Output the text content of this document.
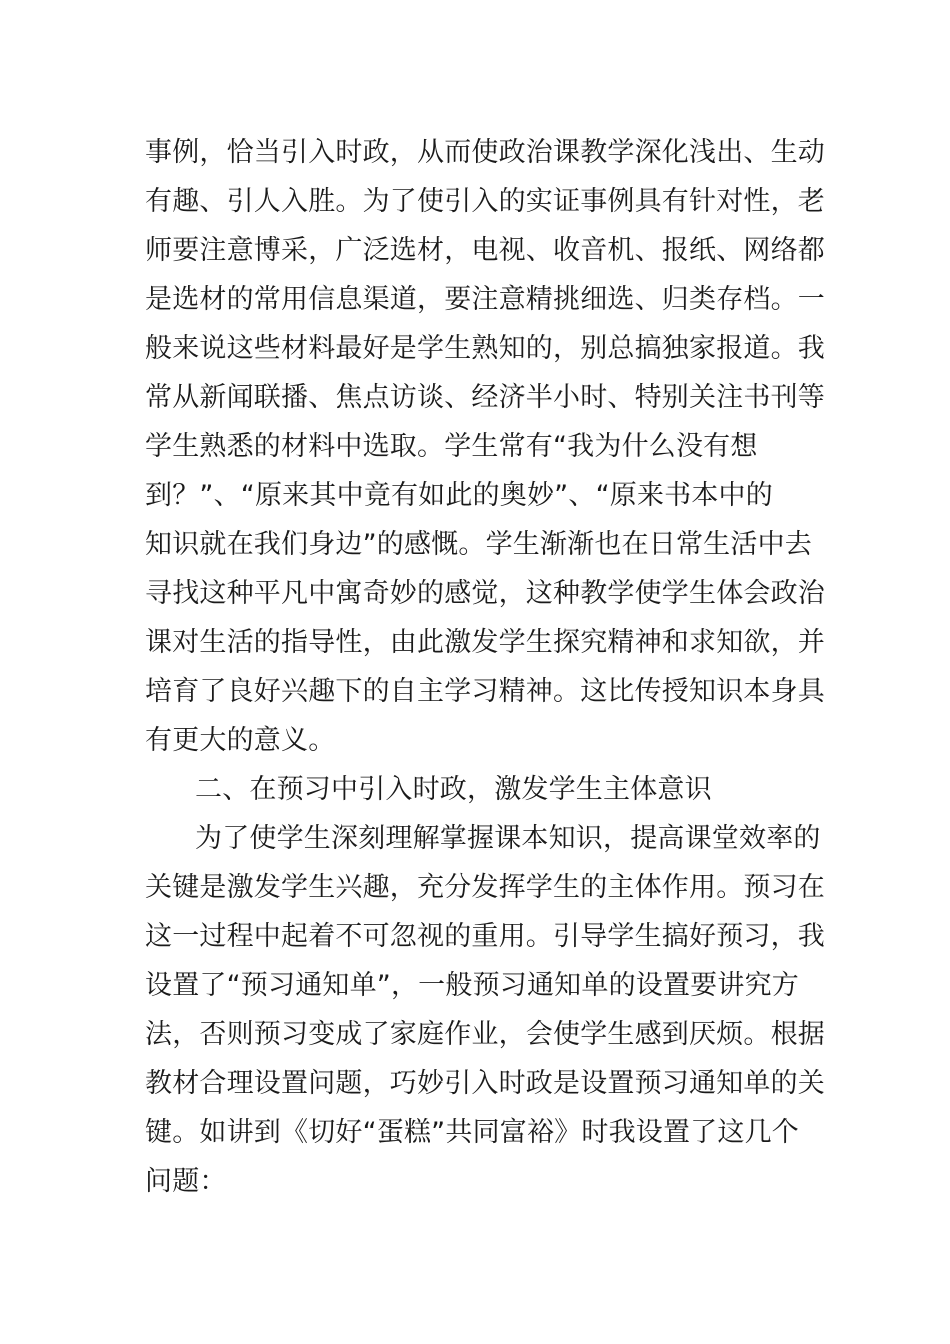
事例，恰当引入时政，从而使政治课教学深化浅出、生动
有趣、引人入胜。为了使引入的实证事例具有针对性，老
师要注意博采，广泛选材，电视、收音机、报纸、网络都
是选材的常用信息渠道，要注意精挑细选、归类存档。一
般来说这些材料最好是学生熟知的，别总搞独家报道。我
常从新闻联播、焦点访谈、经济半小时、特别关注书刊等
学生熟悉的材料中选取。学生常有“我为什么没有想
到？”、“原来其中竟有如此的奥妙”、“原来书本中的
知识就在我们身边”的感慨。学生渐渐也在日常生活中去
寻找这种平凡中寓奇妙的感觉，这种教学使学生体会政治
课对生活的指导性，由此激发学生探究精神和求知欲，并
培育了良好兴趣下的自主学习精神。这比传授知识本身具
有更大的意义。
二、在预习中引入时政，激发学生主体意识
为了使学生深刻理解掌握课本知识，提高课堂效率的
关键是激发学生兴趣，充分发挥学生的主体作用。预习在
这一过程中起着不可忽视的重用。引导学生搞好预习，我
设置了“预习通知单”，一般预习通知单的设置要讲究方
法，否则预习变成了家庭作业，会使学生感到厌烦。根据
教材合理设置问题，巧妙引入时政是设置预习通知单的关
键。如讲到《切好“蛋糕”共同富裕》时我设置了这几个
问题：
